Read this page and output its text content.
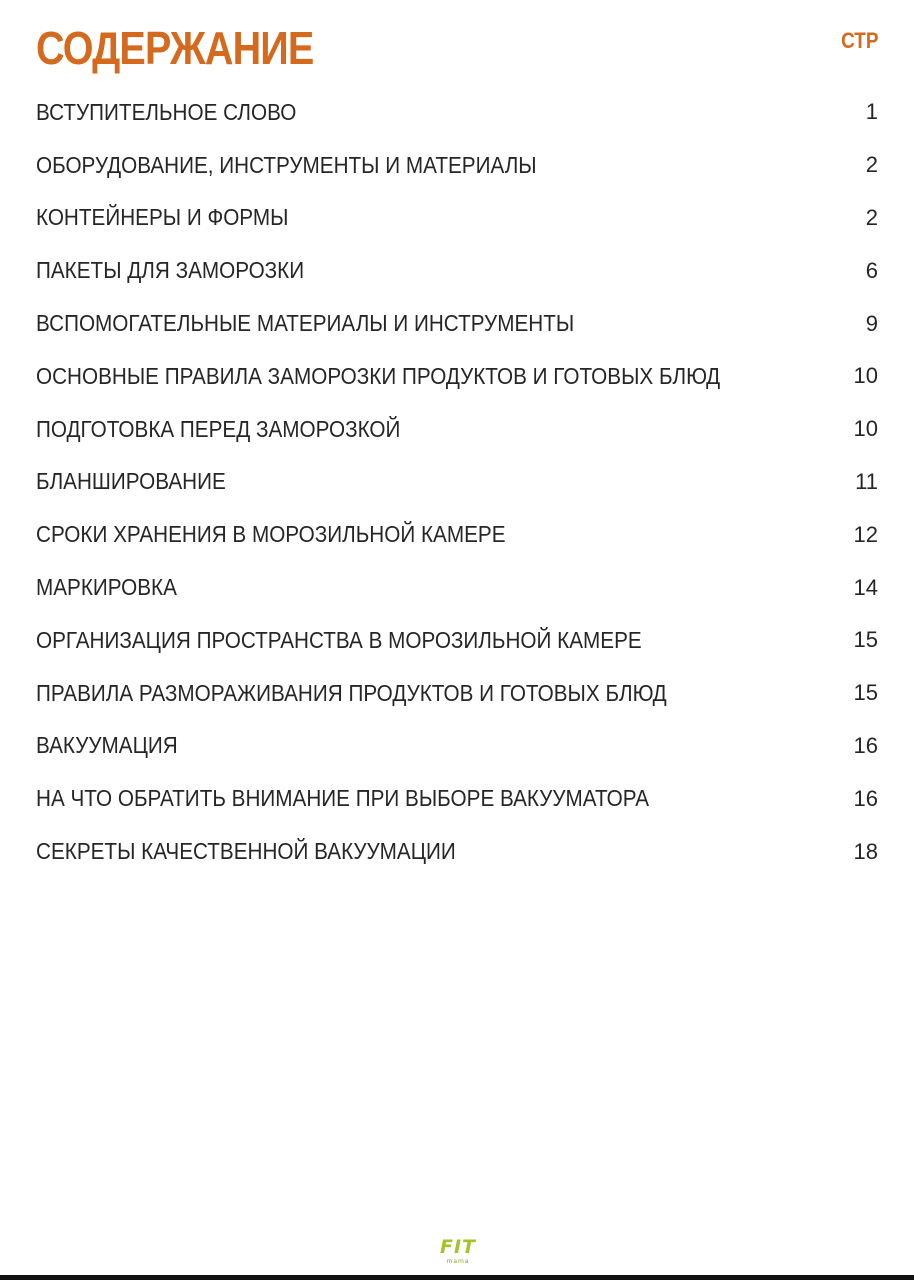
СОДЕРЖАНИЕ	СТР
ВСТУПИТЕЛЬНОЕ СЛОВО	1
ОБОРУДОВАНИЕ, ИНСТРУМЕНТЫ И МАТЕРИАЛЫ	2
КОНТЕЙНЕРЫ И ФОРМЫ	2
ПАКЕТЫ ДЛЯ ЗАМОРОЗКИ	6
ВСПОМОГАТЕЛЬНЫЕ МАТЕРИАЛЫ И ИНСТРУМЕНТЫ	9
ОСНОВНЫЕ ПРАВИЛА ЗАМОРОЗКИ ПРОДУКТОВ И ГОТОВЫХ БЛЮД	10
ПОДГОТОВКА ПЕРЕД ЗАМОРОЗКОЙ	10
БЛАНШИРОВАНИЕ	11
СРОКИ ХРАНЕНИЯ В МОРОЗИЛЬНОЙ КАМЕРЕ	12
МАРКИРОВКА	14
ОРГАНИЗАЦИЯ ПРОСТРАНСТВА В МОРОЗИЛЬНОЙ КАМЕРЕ	15
ПРАВИЛА РАЗМОРАЖИВАНИЯ ПРОДУКТОВ И ГОТОВЫХ БЛЮД	15
ВАКУУМАЦИЯ	16
НА ЧТО ОБРАТИТЬ ВНИМАНИЕ ПРИ ВЫБОРЕ ВАКУУМАТОРА	16
СЕКРЕТЫ КАЧЕСТВЕННОЙ ВАКУУМАЦИИ	18
FIT
mama
